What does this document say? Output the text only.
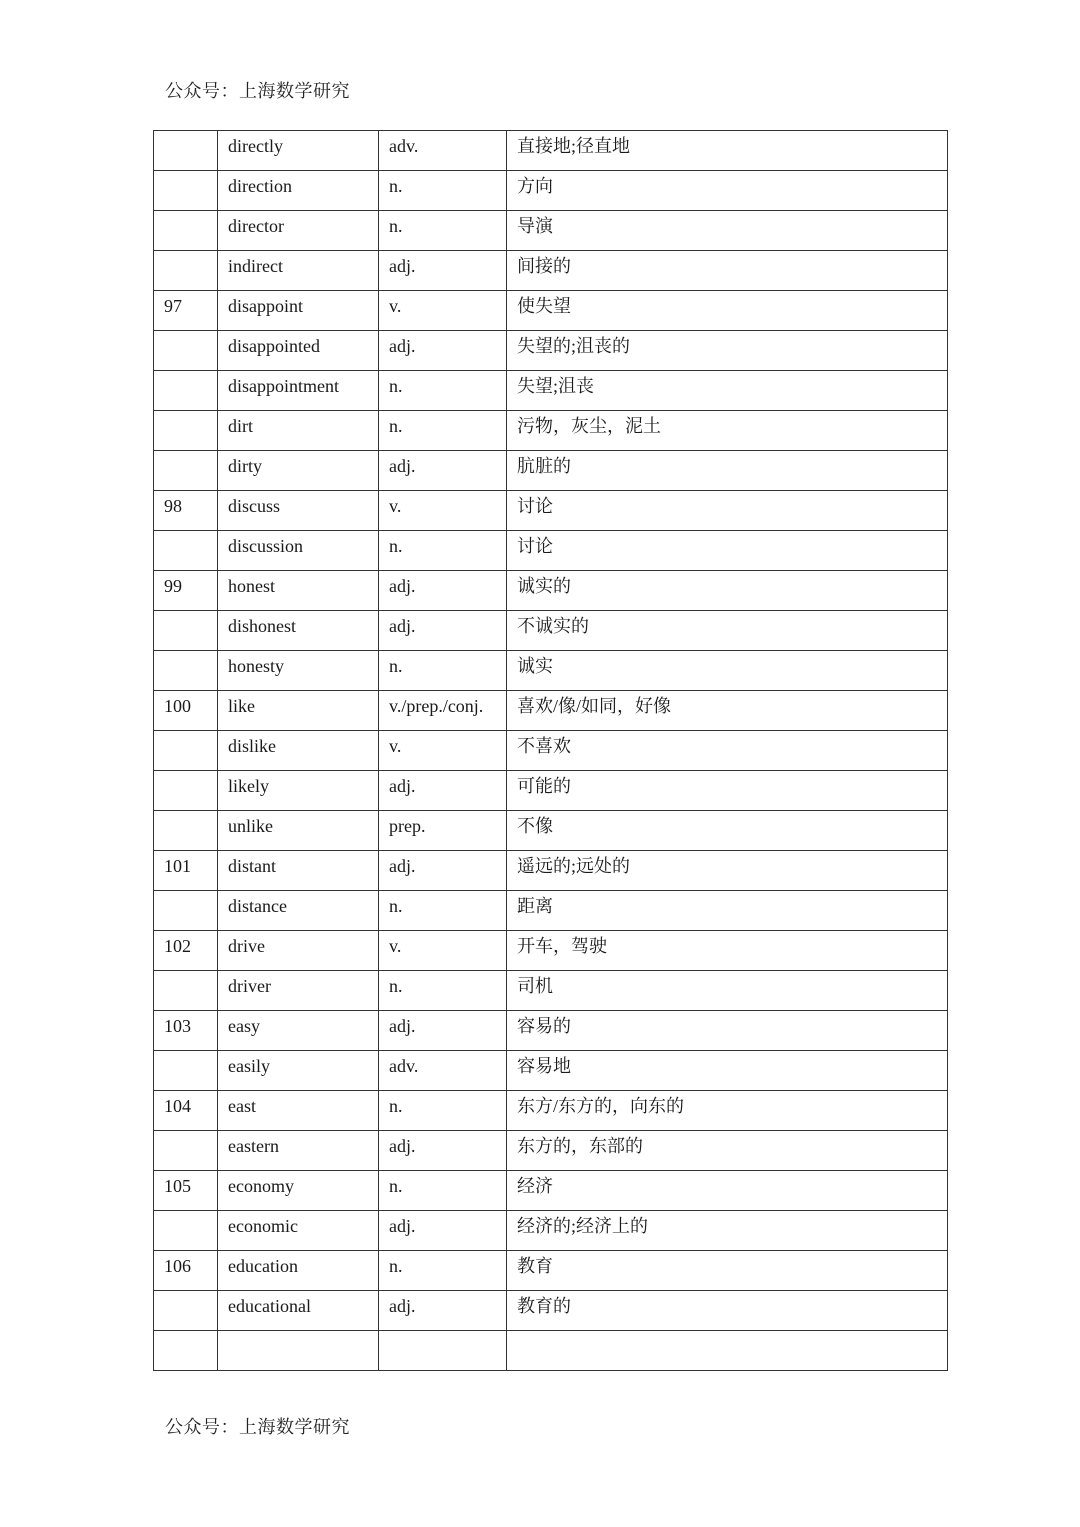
公众号：上海数学研究
	directly	adv.	直接地;径直地
	direction	n.	方向
	director	n.	导演
	indirect	adj.	间接的
97	disappoint	v.	使失望
	disappointed	adj.	失望的;沮丧的
	disappointment	n.	失望;沮丧
	dirt	n.	污物，灰尘，泥土
	dirty	adj.	肮脏的
98	discuss	v.	讨论
	discussion	n.	讨论
99	honest	adj.	诚实的
	dishonest	adj.	不诚实的
	honesty	n.	诚实
100	like	v./prep./conj.	喜欢/像/如同，好像
	dislike	v.	不喜欢
	likely	adj.	可能的
	unlike	prep.	不像
101	distant	adj.	遥远的;远处的
	distance	n.	距离
102	drive	v.	开车，驾驶
	driver	n.	司机
103	easy	adj.	容易的
	easily	adv.	容易地
104	east	n.	东方/东方的，向东的
	eastern	adj.	东方的，东部的
105	economy	n.	经济
	economic	adj.	经济的;经济上的
106	education	n.	教育
	educational	adj.	教育的

公众号：上海数学研究
